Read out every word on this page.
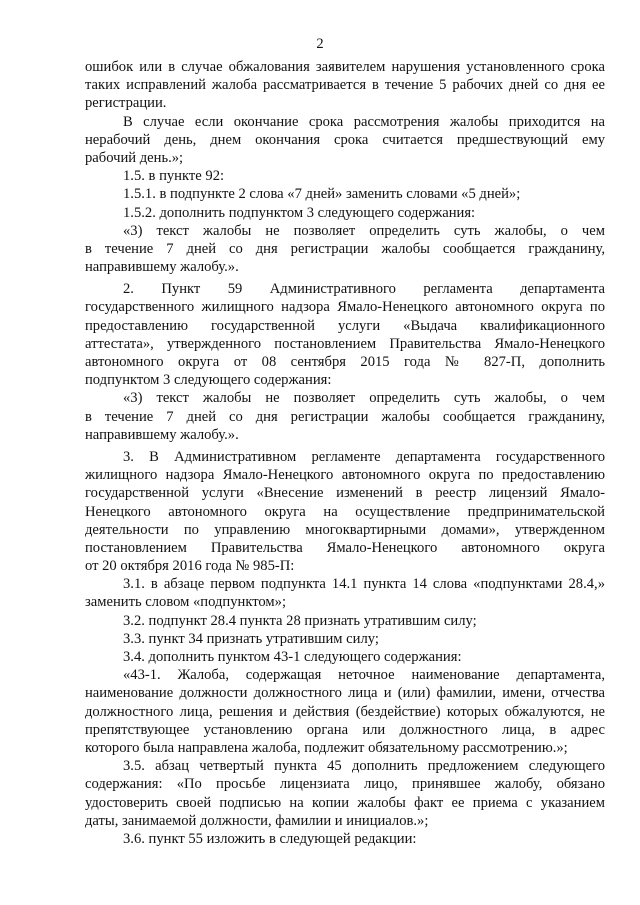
2
ошибок или в случае обжалования заявителем нарушения установленного срока
таких исправлений жалоба рассматривается в течение 5 рабочих дней со дня ее
регистрации.
В случае если окончание срока рассмотрения жалобы приходится на
нерабочий день, днем окончания срока считается предшествующий ему
рабочий день.»;
1.5. в пункте 92:
1.5.1. в подпункте 2 слова «7 дней» заменить словами «5 дней»;
1.5.2. дополнить подпунктом 3 следующего содержания:
«3) текст жалобы не позволяет определить суть жалобы, о чем
в течение 7 дней со дня регистрации жалобы сообщается гражданину,
направившему жалобу.».
2. Пункт 59 Административного регламента департамента
государственного жилищного надзора Ямало-Ненецкого автономного округа по
предоставлению государственной услуги «Выдача квалификационного
аттестата», утвержденного постановлением Правительства Ямало-Ненецкого
автономного округа от 08 сентября 2015 года № 827-П, дополнить
подпунктом 3 следующего содержания:
«3) текст жалобы не позволяет определить суть жалобы, о чем
в течение 7 дней со дня регистрации жалобы сообщается гражданину,
направившему жалобу.».
3. В Административном регламенте департамента государственного
жилищного надзора Ямало-Ненецкого автономного округа по предоставлению
государственной услуги «Внесение изменений в реестр лицензий Ямало-
Ненецкого автономного округа на осуществление предпринимательской
деятельности по управлению многоквартирными домами», утвержденном
постановлением Правительства Ямало-Ненецкого автономного округа
от 20 октября 2016 года № 985-П:
3.1. в абзаце первом подпункта 14.1 пункта 14 слова «подпунктами 28.4,»
заменить словом «подпунктом»;
3.2. подпункт 28.4 пункта 28 признать утратившим силу;
3.3. пункт 34 признать утратившим силу;
3.4. дополнить пунктом 43-1 следующего содержания:
«43-1. Жалоба, содержащая неточное наименование департамента,
наименование должности должностного лица и (или) фамилии, имени, отчества
должностного лица, решения и действия (бездействие) которых обжалуются, не
препятствующее установлению органа или должностного лица, в адрес
которого была направлена жалоба, подлежит обязательному рассмотрению.»;
3.5. абзац четвертый пункта 45 дополнить предложением следующего
содержания: «По просьбе лицензиата лицо, принявшее жалобу, обязано
удостоверить своей подписью на копии жалобы факт ее приема с указанием
даты, занимаемой должности, фамилии и инициалов.»;
3.6. пункт 55 изложить в следующей редакции:
